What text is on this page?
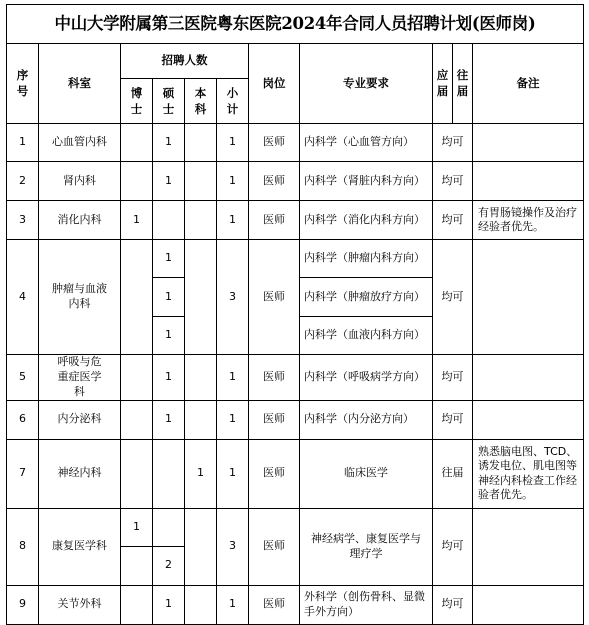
中山大学附属第三医院粤东医院2024年合同人员招聘计划(医师岗)										
序号	科室	招聘人数				岗位	专业要求	应届	往届	备注
		博士	硕士	本科	小计					
1	心血管内科		1		1	医师	内科学（心血管方向）	均可		
2	肾内科		1		1	医师	内科学（肾脏内科方向）	均可		
3	消化内科	1			1	医师	内科学（消化内科方向）	均可		有胃肠镜操作及治疗经验者优先。
4	肿瘤与血液内科		1		3	医师	内科学（肿瘤内科方向）	均可		
			1				内科学（肿瘤放疗方向）			
			1				内科学（血液内科方向）			
5	呼吸与危重症医学科		1		1	医师	内科学（呼吸病学方向）	均可		
6	内分泌科		1		1	医师	内科学（内分泌方向）	均可		
7	神经内科			1	1	医师	临床医学	往届		熟悉脑电图、TCD、诱发电位、肌电图等神经内科检查工作经验者优先。
8	康复医学科	1			3	医师	神经病学、康复医学与理疗学	均可		
			2							
9	关节外科		1		1	医师	外科学（创伤骨科、显微手外方向）	均可		
